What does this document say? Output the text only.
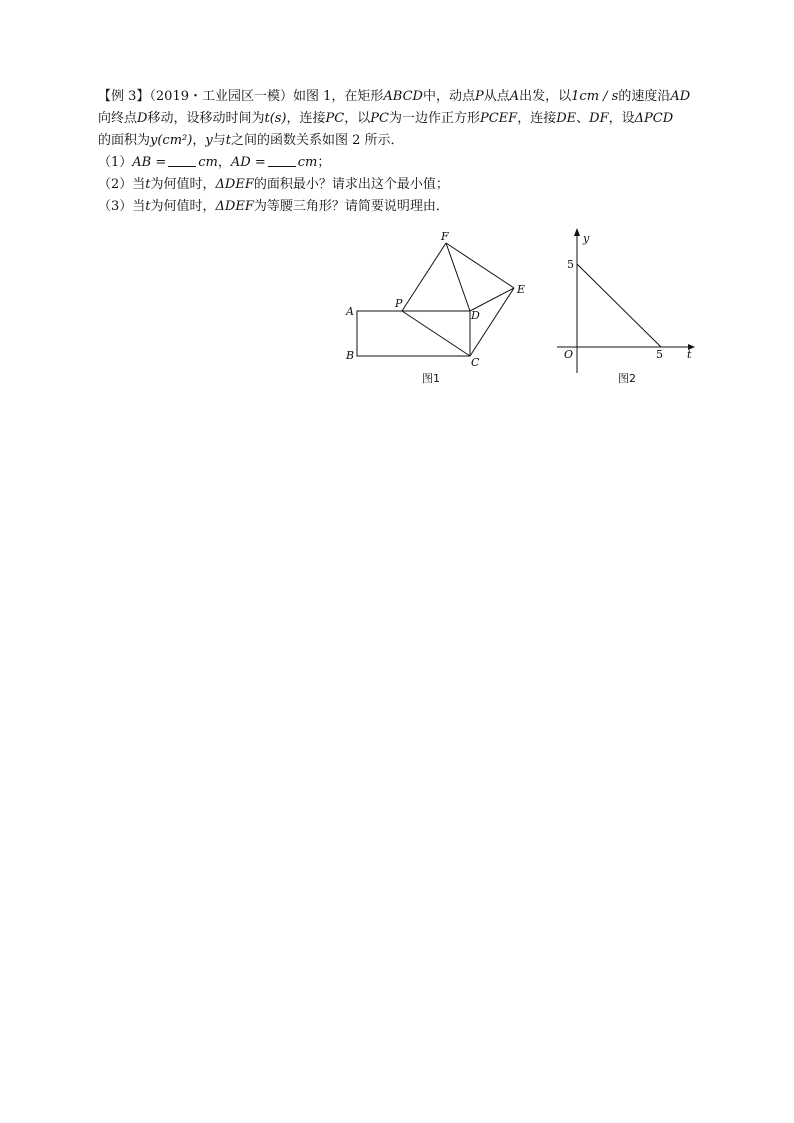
【例 3】（2019・工业园区一模）如图 1，在矩形ABCD中，动点P从点A出发，以1cm / s的速度沿AD
向终点D移动，设移动时间为t(s)，连接PC，以PC为一边作正方形PCEF，连接DE、DF，设ΔPCD
的面积为y(cm²)，y与t之间的函数关系如图 2 所示．
（1）AB = cm，AD = cm；
（2）当t为何值时，ΔDEF的面积最小？请求出这个最小值；
（3）当t为何值时，ΔDEF为等腰三角形？请简要说明理由．
A
B
C
D
P
E
F
图1
y
t
O
5
5
图2
